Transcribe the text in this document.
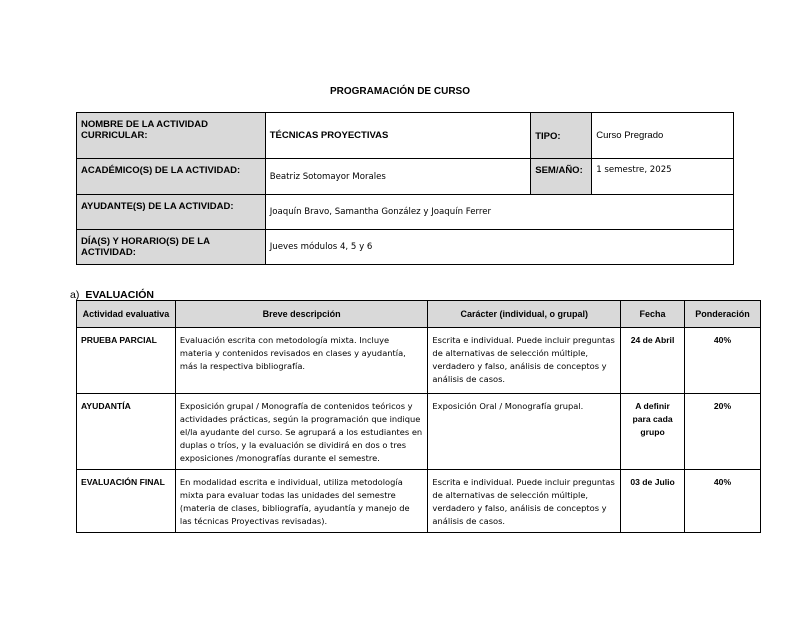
PROGRAMACIÓN DE CURSO
NOMBRE DE LA ACTIVIDAD CURRICULAR:	TÉCNICAS PROYECTIVAS	TIPO:	Curso Pregrado
ACADÉMICO(S) DE LA ACTIVIDAD:	Beatriz Sotomayor Morales	SEM/AÑO:	1 semestre, 2025
AYUDANTE(S) DE LA ACTIVIDAD:	Joaquín Bravo, Samantha González y Joaquín Ferrer		
DÍA(S) Y HORARIO(S) DE LA ACTIVIDAD:	Jueves módulos 4, 5 y 6		
a) EVALUACIÓN
Actividad evaluativa	Breve descripción	Carácter (individual, o grupal)	Fecha	Ponderación
PRUEBA PARCIAL	Evaluación escrita con metodología mixta. Incluye materia y contenidos revisados en clases y ayudantía, más la respectiva bibliografía.	Escrita e individual. Puede incluir preguntas de alternativas de selección múltiple, verdadero y falso, análisis de conceptos y análisis de casos.	24 de Abril	40%
AYUDANTÍA	Exposición grupal / Monografía de contenidos teóricos y actividades prácticas, según la programación que indique el/la ayudante del curso. Se agrupará a los estudiantes en duplas o tríos, y la evaluación se dividirá en dos o tres exposiciones /monografías durante el semestre.	Exposición Oral / Monografía grupal.	A definir para cada grupo	20%
EVALUACIÓN FINAL	En modalidad escrita e individual, utiliza metodología mixta para evaluar todas las unidades del semestre (materia de clases, bibliografía, ayudantía y manejo de las técnicas Proyectivas revisadas).	Escrita e individual. Puede incluir preguntas de alternativas de selección múltiple, verdadero y falso, análisis de conceptos y análisis de casos.	03 de Julio	40%
